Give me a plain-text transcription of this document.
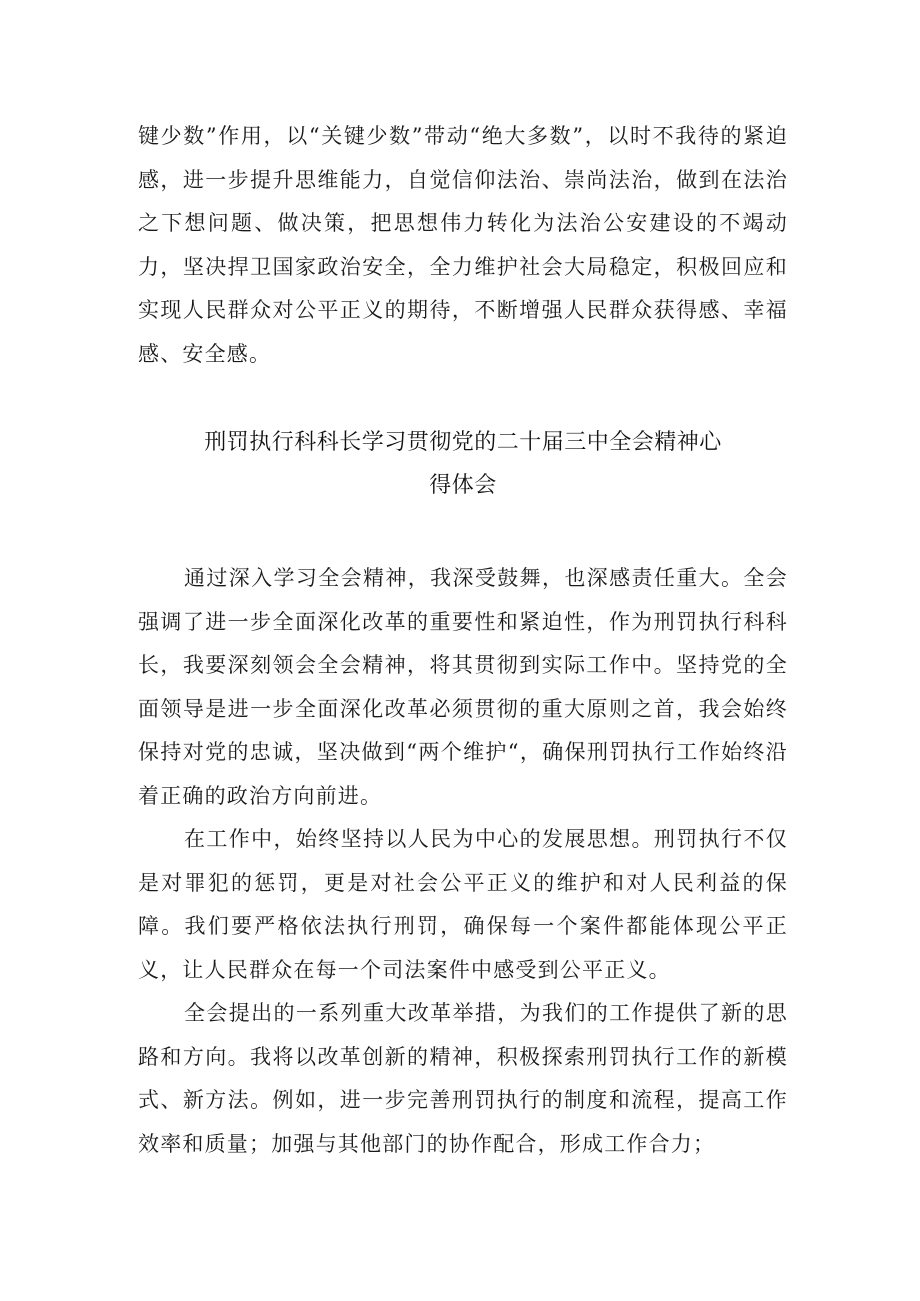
键少数”作用，以“关键少数”带动“绝大多数”，以时不我待的紧迫感，进一步提升思维能力，自觉信仰法治、崇尚法治，做到在法治之下想问题、做决策，把思想伟力转化为法治公安建设的不竭动力，坚决捍卫国家政治安全，全力维护社会大局稳定，积极回应和实现人民群众对公平正义的期待，不断增强人民群众获得感、幸福感、安全感。

刑罚执行科科长学习贯彻党的二十届三中全会精神心
得体会

通过深入学习全会精神，我深受鼓舞，也深感责任重大。全会强调了进一步全面深化改革的重要性和紧迫性，作为刑罚执行科科长，我要深刻领会全会精神，将其贯彻到实际工作中。坚持党的全面领导是进一步全面深化改革必须贯彻的重大原则之首，我会始终保持对党的忠诚，坚决做到“两个维护“，确保刑罚执行工作始终沿着正确的政治方向前进。

在工作中，始终坚持以人民为中心的发展思想。刑罚执行不仅是对罪犯的惩罚，更是对社会公平正义的维护和对人民利益的保障。我们要严格依法执行刑罚，确保每一个案件都能体现公平正义，让人民群众在每一个司法案件中感受到公平正义。

全会提出的一系列重大改革举措，为我们的工作提供了新的思路和方向。我将以改革创新的精神，积极探索刑罚执行工作的新模式、新方法。例如，进一步完善刑罚执行的制度和流程，提高工作效率和质量；加强与其他部门的协作配合，形成工作合力；
